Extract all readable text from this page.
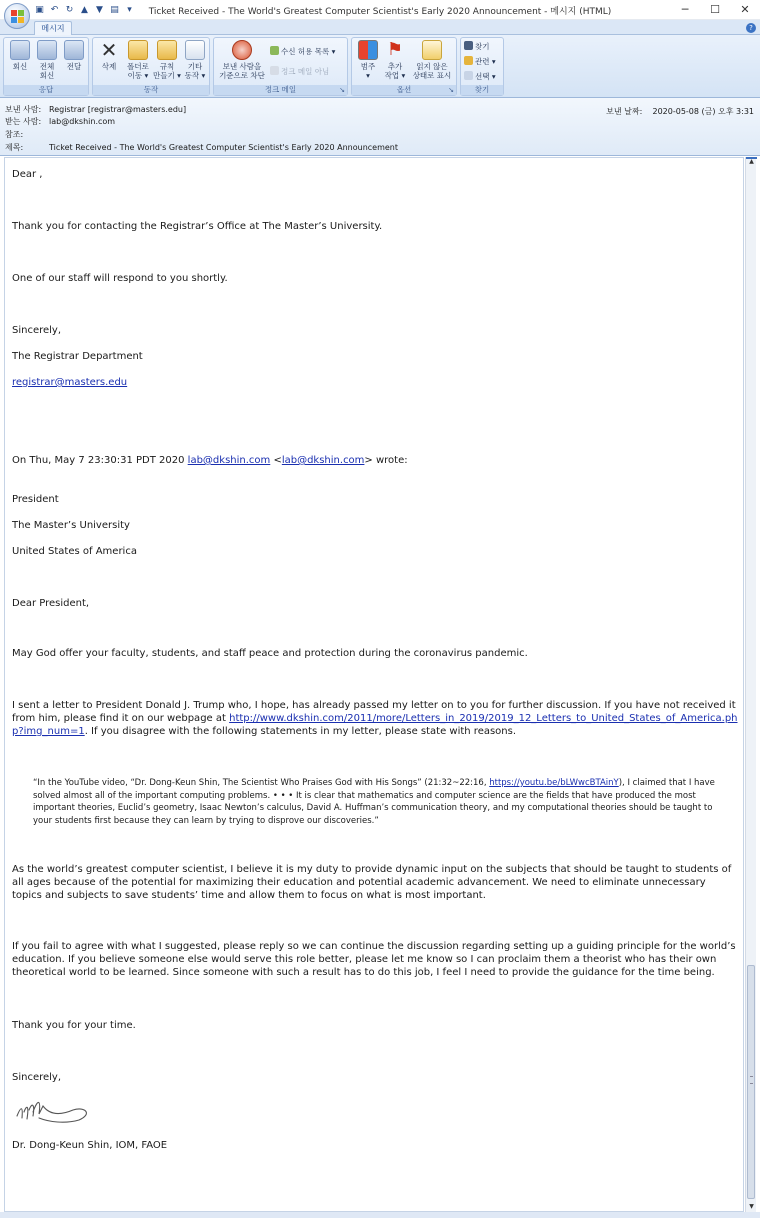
▣ ↶ ↻ ▲ ▼ ▤ ▾	Ticket Received - The World's Greatest Computer Scientist's Early 2020 Announcement - 메시지 (HTML)	─	☐	✕
메시지	?
회신	전체
회신
전달
응답
✕
삭제	폴더로
이동 ▾
규칙
만들기 ▾
기타
동작 ▾
동작
보낸 사람을
기준으로 차단
수신 허용 목록 ▾
정크 메일 아님
정크 메일	↘
범주
▾
⚑
추가
작업 ▾
읽지 않은
상태로 표시
옵션	↘
찾기
관련 ▾
선택 ▾
찾기
보낸 사람: Registrar [registrar@masters.edu]
받는 사람: lab@dkshin.com
참조:
제목:	Ticket Received - The World's Greatest Computer Scientist's Early 2020 Announcement
보낸 날짜: 2020-05-08 (금) 오후 3:31

Dear ,

Thank you for contacting the Registrar’s Office at The Master’s University.

One of our staff will respond to you shortly.

Sincerely,

The Registrar Department

registrar@masters.edu

On Thu, May 7 23:30:31 PDT 2020 lab@dkshin.com <lab@dkshin.com> wrote:

President

The Master’s University

United States of America

Dear President,

May God offer your faculty, students, and staff peace and protection during the coronavirus pandemic.

I sent a letter to President Donald J. Trump who, I hope, has already passed my letter on to you for further discussion. If you have not received it from him, please find it on our webpage at http://www.dkshin.com/2011/more/Letters_in_2019/2019_12_Letters_to_United_States_of_America.php?img_num=1. If you disagree with the following statements in my letter, please state with reasons.

“In the YouTube video, “Dr. Dong-Keun Shin, The Scientist Who Praises God with His Songs” (21:32~22:16, https://youtu.be/bLWwcBTAinY), I claimed that I have solved almost all of the important computing problems. • • • It is clear that mathematics and computer science are the fields that have produced the most important theories, Euclid’s geometry, Isaac Newton’s calculus, David A. Huffman’s communication theory, and my computational theories should be taught to your students first because they can learn by trying to disprove our discoveries.”

As the world’s greatest computer scientist, I believe it is my duty to provide dynamic input on the subjects that should be taught to students of all ages because of the potential for maximizing their education and potential academic advancement. We need to eliminate unnecessary topics and subjects to save students’ time and allow them to focus on what is most important.

If you fail to agree with what I suggested, please reply so we can continue the discussion regarding setting up a guiding principle for the world’s education. If you believe someone else would serve this role better, please let me know so I can proclaim them a theorist who has their own theoretical world to be learned. Since someone with such a result has to do this job, I feel I need to provide the guidance for the time being.

Thank you for your time.

Sincerely,

Dr. Dong-Keun Shin, IOM, FAOE

▲
▼
